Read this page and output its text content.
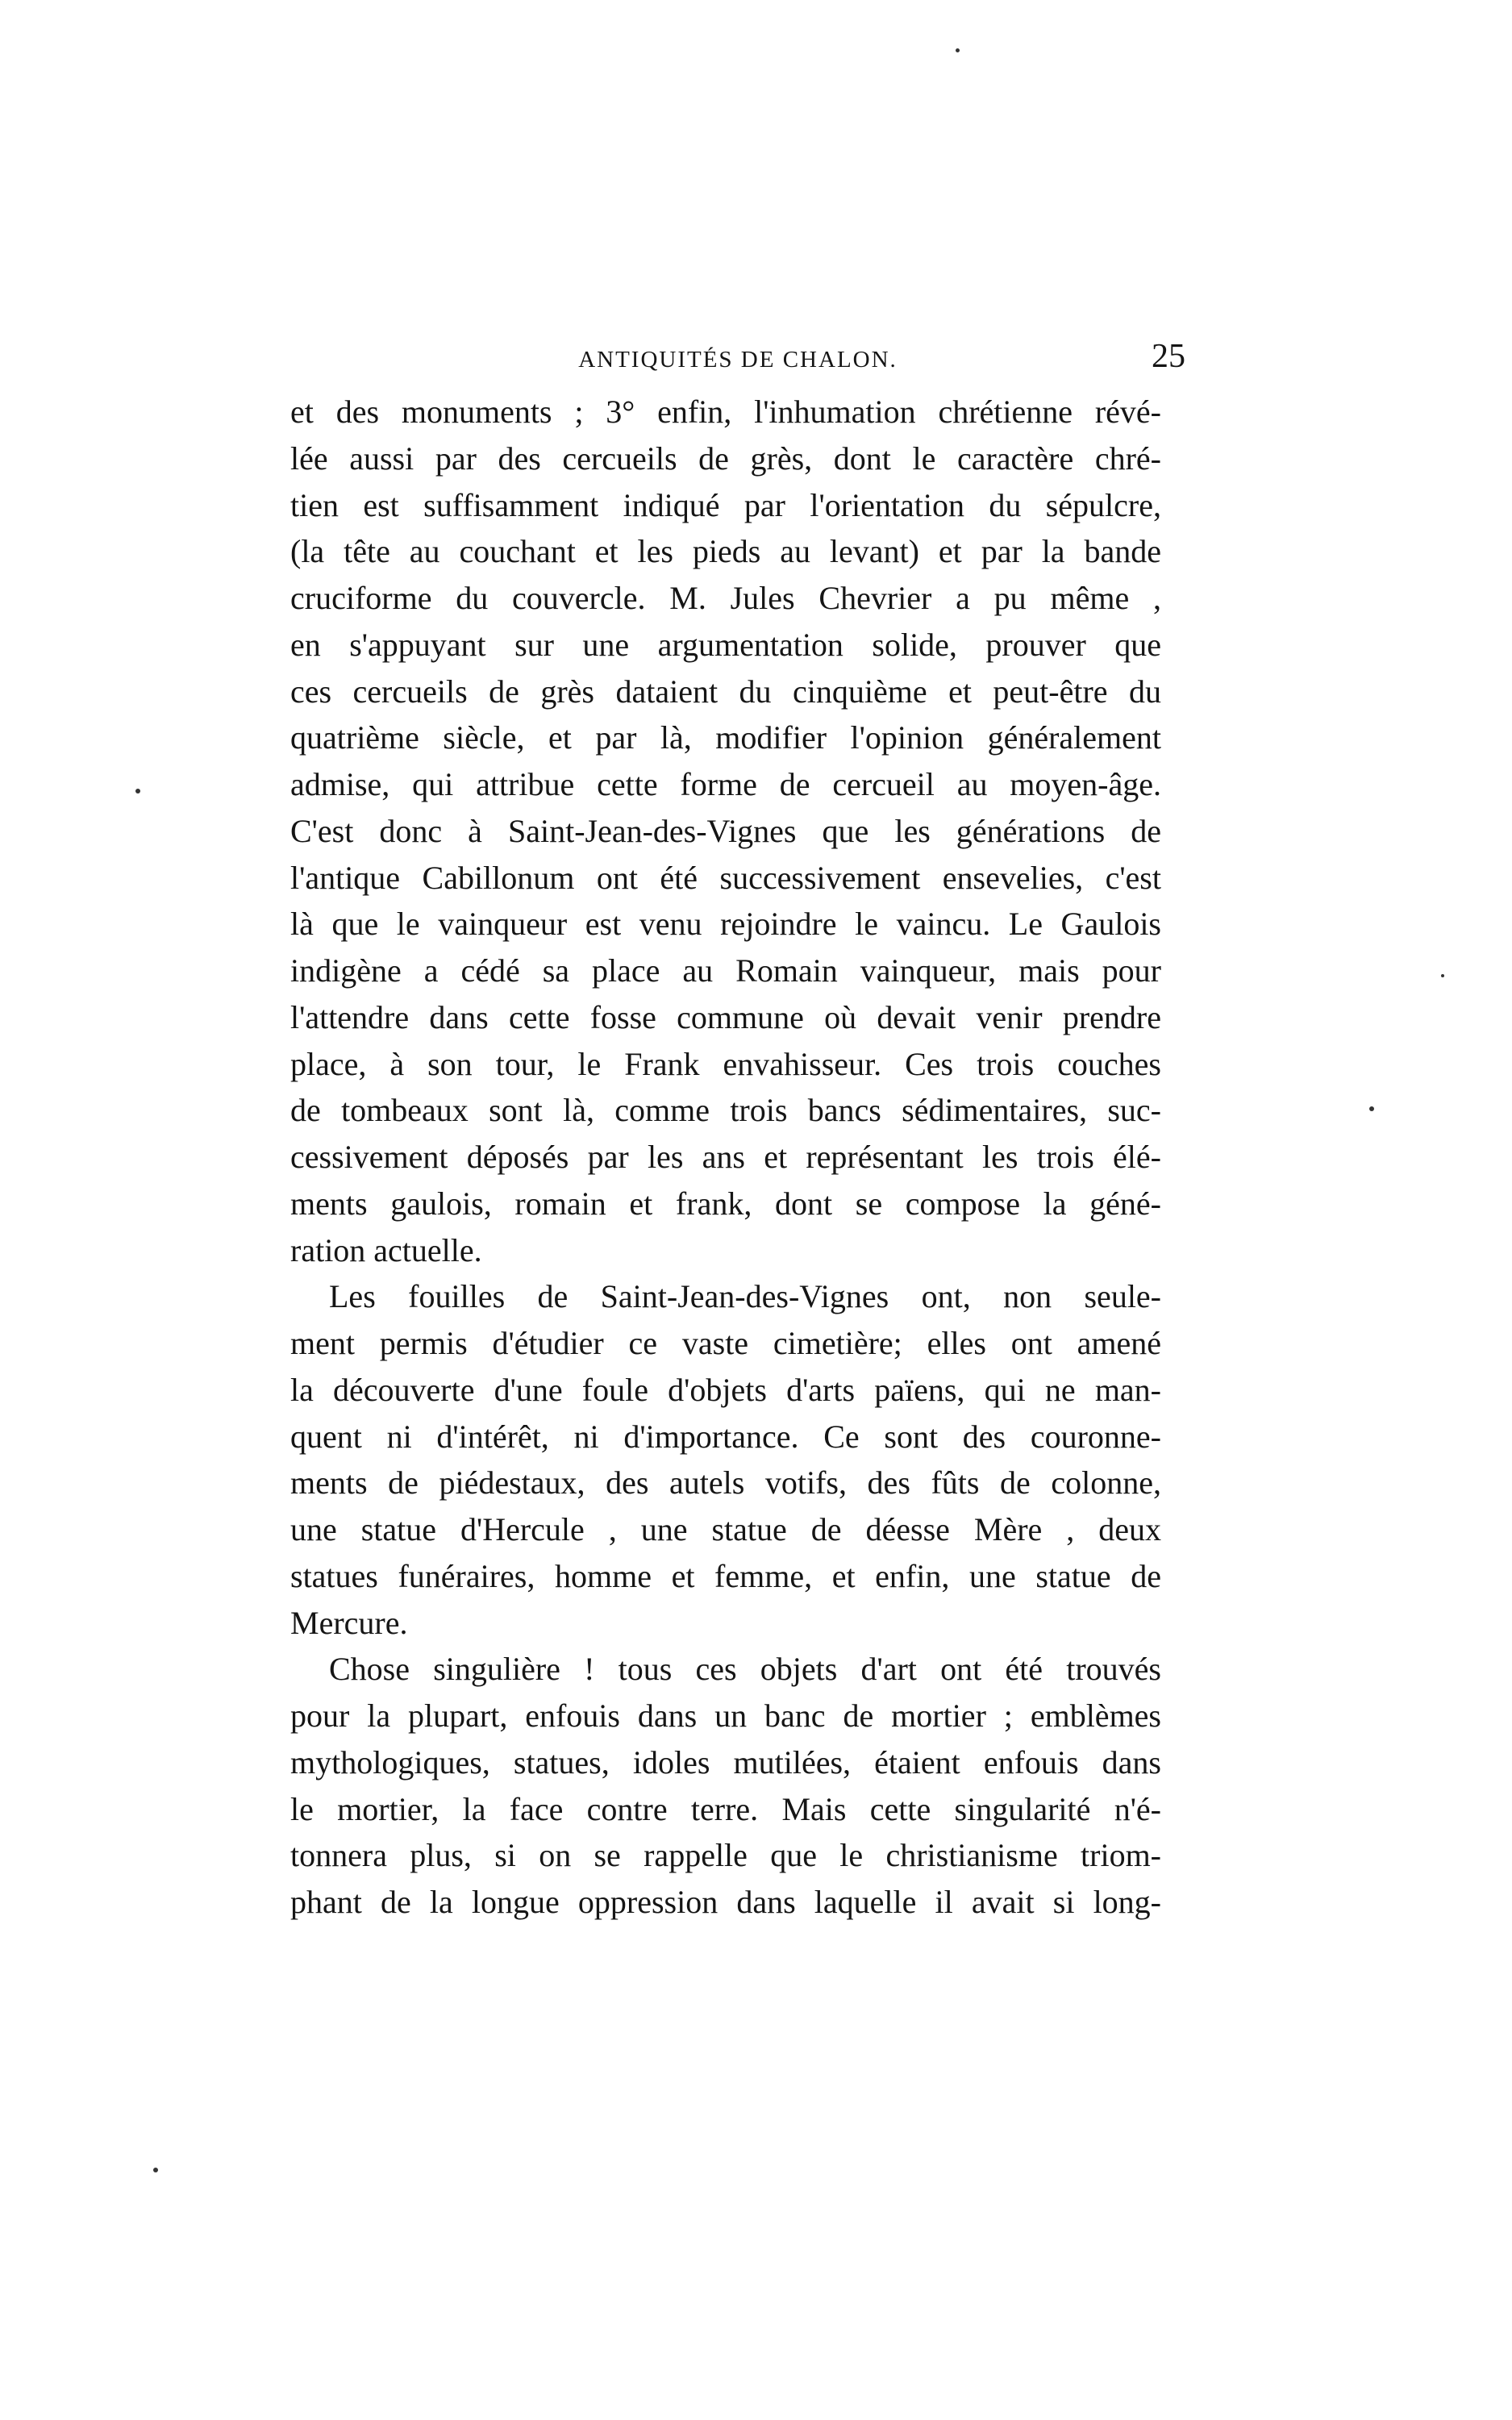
ANTIQUITÉS DE CHALON.	25
et des monuments ; 3° enfin, l'inhumation chrétienne révé-
lée aussi par des cercueils de grès, dont le caractère chré-
tien est suffisamment indiqué par l'orientation du sépulcre,
(la tête au couchant et les pieds au levant) et par la bande
cruciforme du couvercle. M. Jules Chevrier a pu même ,
en s'appuyant sur une argumentation solide, prouver que
ces cercueils de grès dataient du cinquième et peut-être du
quatrième siècle, et par là, modifier l'opinion généralement
admise, qui attribue cette forme de cercueil au moyen-âge.
C'est donc à Saint-Jean-des-Vignes que les générations de
l'antique Cabillonum ont été successivement ensevelies, c'est
là que le vainqueur est venu rejoindre le vaincu. Le Gaulois
indigène a cédé sa place au Romain vainqueur, mais pour
l'attendre dans cette fosse commune où devait venir prendre
place, à son tour, le Frank envahisseur. Ces trois couches
de tombeaux sont là, comme trois bancs sédimentaires, suc-
cessivement déposés par les ans et représentant les trois élé-
ments gaulois, romain et frank, dont se compose la géné-
ration actuelle.
Les fouilles de Saint-Jean-des-Vignes ont, non seule-
ment permis d'étudier ce vaste cimetière; elles ont amené
la découverte d'une foule d'objets d'arts païens, qui ne man-
quent ni d'intérêt, ni d'importance. Ce sont des couronne-
ments de piédestaux, des autels votifs, des fûts de colonne,
une statue d'Hercule , une statue de déesse Mère , deux
statues funéraires, homme et femme, et enfin, une statue de
Mercure.
Chose singulière ! tous ces objets d'art ont été trouvés
pour la plupart, enfouis dans un banc de mortier ; emblèmes
mythologiques, statues, idoles mutilées, étaient enfouis dans
le mortier, la face contre terre. Mais cette singularité n'é-
tonnera plus, si on se rappelle que le christianisme triom-
phant de la longue oppression dans laquelle il avait si long-
